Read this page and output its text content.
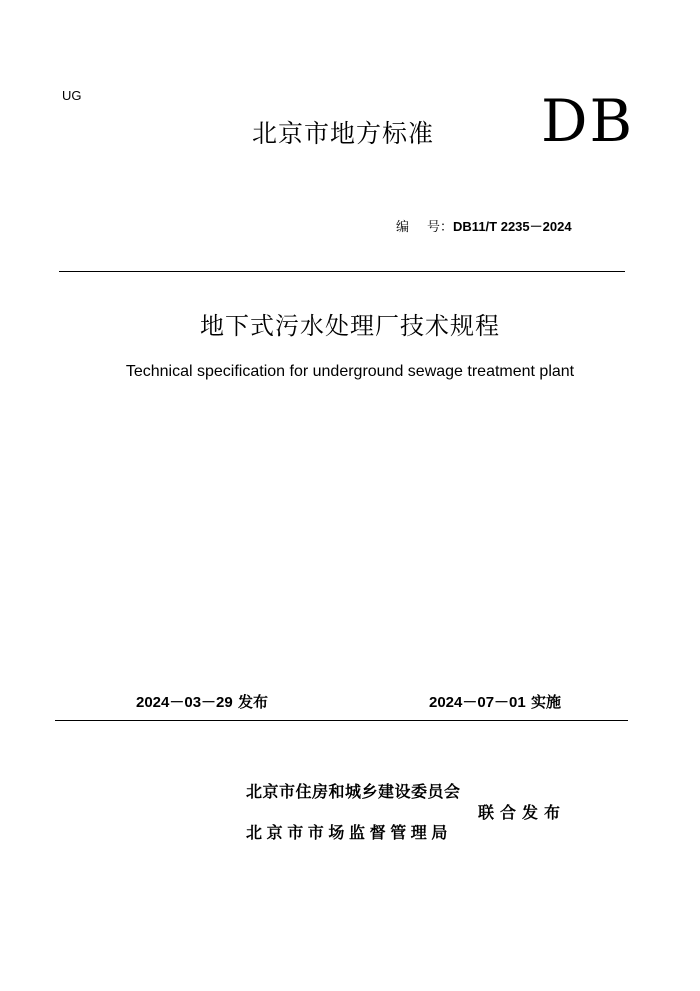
UG
北京市地方标准 DB
编 号：DB11/T 2235－2024
地下式污水处理厂技术规程
Technical specification for underground sewage treatment plant
2024－03－29 发布	2024－07－01 实施
北京市住房和城乡建设委员会
北京市市场监督管理局
联合发布
